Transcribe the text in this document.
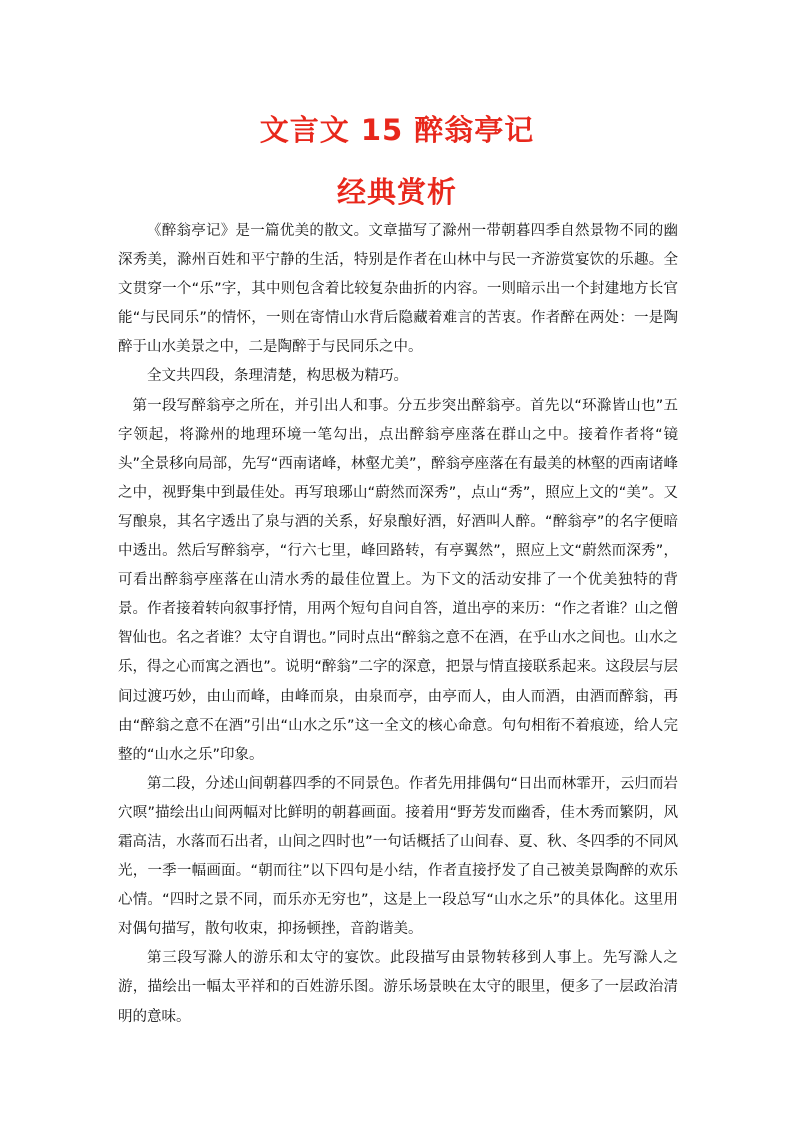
文言文 15 醉翁亭记
经典赏析

《醉翁亭记》是一篇优美的散文。文章描写了滁州一带朝暮四季自然景物不同的幽深秀美，滁州百姓和平宁静的生活，特别是作者在山林中与民一齐游赏宴饮的乐趣。全文贯穿一个“乐”字，其中则包含着比较复杂曲折的内容。一则暗示出一个封建地方长官能“与民同乐”的情怀，一则在寄情山水背后隐藏着难言的苦衷。作者醉在两处：一是陶醉于山水美景之中，二是陶醉于与民同乐之中。

全文共四段，条理清楚，构思极为精巧。

第一段写醉翁亭之所在，并引出人和事。分五步突出醉翁亭。首先以“环滁皆山也”五字领起，将滁州的地理环境一笔勾出，点出醉翁亭座落在群山之中。接着作者将“镜头”全景移向局部，先写“西南诸峰，林壑尤美”，醉翁亭座落在有最美的林壑的西南诸峰之中，视野集中到最佳处。再写琅琊山“蔚然而深秀”，点山“秀”，照应上文的“美”。又写酿泉，其名字透出了泉与酒的关系，好泉酿好酒，好酒叫人醉。“醉翁亭”的名字便暗中透出。然后写醉翁亭，“行六七里，峰回路转，有亭翼然”，照应上文“蔚然而深秀”，可看出醉翁亭座落在山清水秀的最佳位置上。为下文的活动安排了一个优美独特的背景。作者接着转向叙事抒情，用两个短句自问自答，道出亭的来历：“作之者谁？山之僧智仙也。名之者谁？太守自谓也。”同时点出“醉翁之意不在酒，在乎山水之间也。山水之乐，得之心而寓之酒也”。说明“醉翁”二字的深意，把景与情直接联系起来。这段层与层间过渡巧妙，由山而峰，由峰而泉，由泉而亭，由亭而人，由人而酒，由酒而醉翁，再由“醉翁之意不在酒”引出“山水之乐”这一全文的核心命意。句句相衔不着痕迹，给人完整的“山水之乐”印象。

第二段，分述山间朝暮四季的不同景色。作者先用排偶句“日出而林霏开，云归而岩穴暝”描绘出山间两幅对比鲜明的朝暮画面。接着用“野芳发而幽香，佳木秀而繁阴，风霜高洁，水落而石出者，山间之四时也”一句话概括了山间春、夏、秋、冬四季的不同风光，一季一幅画面。“朝而往”以下四句是小结，作者直接抒发了自己被美景陶醉的欢乐心情。“四时之景不同，而乐亦无穷也”，这是上一段总写“山水之乐”的具体化。这里用对偶句描写，散句收束，抑扬顿挫，音韵谐美。

第三段写滁人的游乐和太守的宴饮。此段描写由景物转移到人事上。先写滁人之游，描绘出一幅太平祥和的百姓游乐图。游乐场景映在太守的眼里，便多了一层政治清明的意味。
